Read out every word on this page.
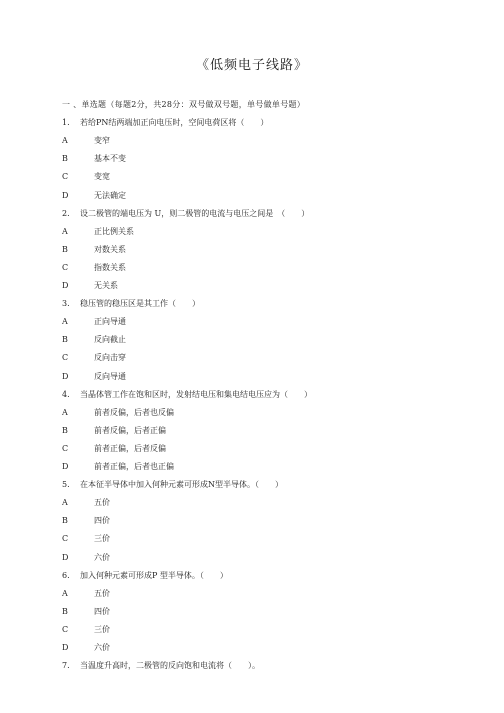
《低频电子线路》
一 、单选题（每题2分，共28分：双号做双号题，单号做单号题）
1. 若给PN结两端加正向电压时，空间电荷区将（　　）
A	变窄
B	基本不变
C	变宽
D	无法确定
2. 设二极管的端电压为 U，则二极管的电流与电压之间是　（　　）
A	正比例关系
B	对数关系
C	指数关系
D	无关系
3. 稳压管的稳压区是其工作（　　）
A	正向导通
B	反向截止
C	反向击穿
D	反向导通
4. 当晶体管工作在饱和区时，发射结电压和集电结电压应为（　　）
A	前者反偏，后者也反偏
B	前者反偏，后者正偏
C	前者正偏，后者反偏
D	前者正偏，后者也正偏
5. 在本征半导体中加入何种元素可形成N型半导体。（　　）
A	五价
B	四价
C	三价
D	六价
6. 加入何种元素可形成P 型半导体。（　　）
A	五价
B	四价
C	三价
D	六价
7. 当温度升高时，二极管的反向饱和电流将（　　）。
